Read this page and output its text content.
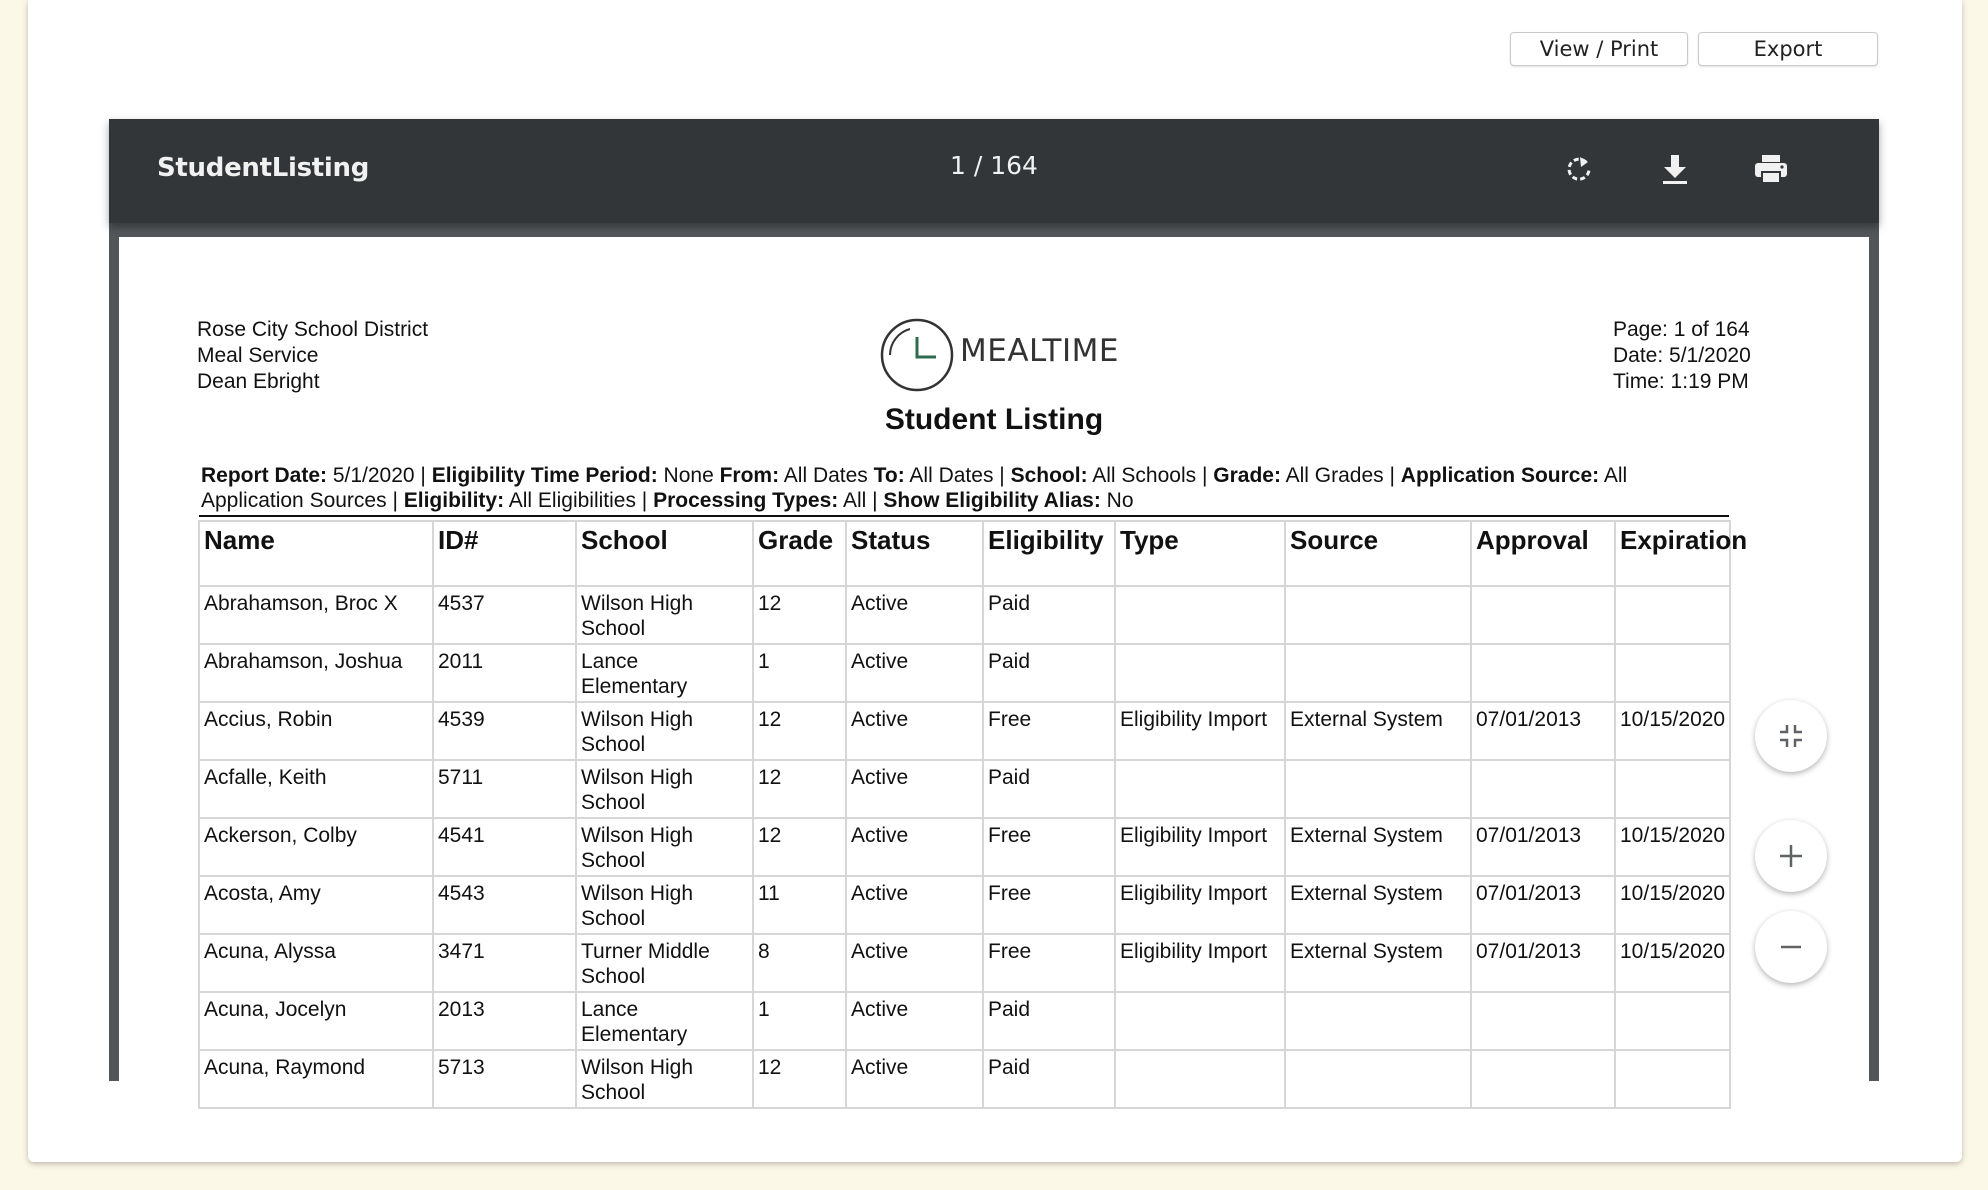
View / Print	Export
StudentListing	1 / 164
Rose City School District
Meal Service
Dean Ebright
MEALTIME
Page: 1 of 164
Date: 5/1/2020
Time: 1:19 PM
Student Listing
Report Date: 5/1/2020 | Eligibility Time Period: None From: All Dates To: All Dates | School: All Schools | Grade: All Grades | Application Source: All Application Sources | Eligibility: All Eligibilities | Processing Types: All | Show Eligibility Alias: No
Name	ID#	School	Grade	Status	Eligibility	Type	Source	Approval	Expiration
Abrahamson, Broc X	4537	Wilson High School	12	Active	Paid				
Abrahamson, Joshua	2011	Lance Elementary	1	Active	Paid				
Accius, Robin	4539	Wilson High School	12	Active	Free	Eligibility Import	External System	07/01/2013	10/15/2020
Acfalle, Keith	5711	Wilson High School	12	Active	Paid				
Ackerson, Colby	4541	Wilson High School	12	Active	Free	Eligibility Import	External System	07/01/2013	10/15/2020
Acosta, Amy	4543	Wilson High School	11	Active	Free	Eligibility Import	External System	07/01/2013	10/15/2020
Acuna, Alyssa	3471	Turner Middle School	8	Active	Free	Eligibility Import	External System	07/01/2013	10/15/2020
Acuna, Jocelyn	2013	Lance Elementary	1	Active	Paid				
Acuna, Raymond	5713	Wilson High School	12	Active	Paid				
